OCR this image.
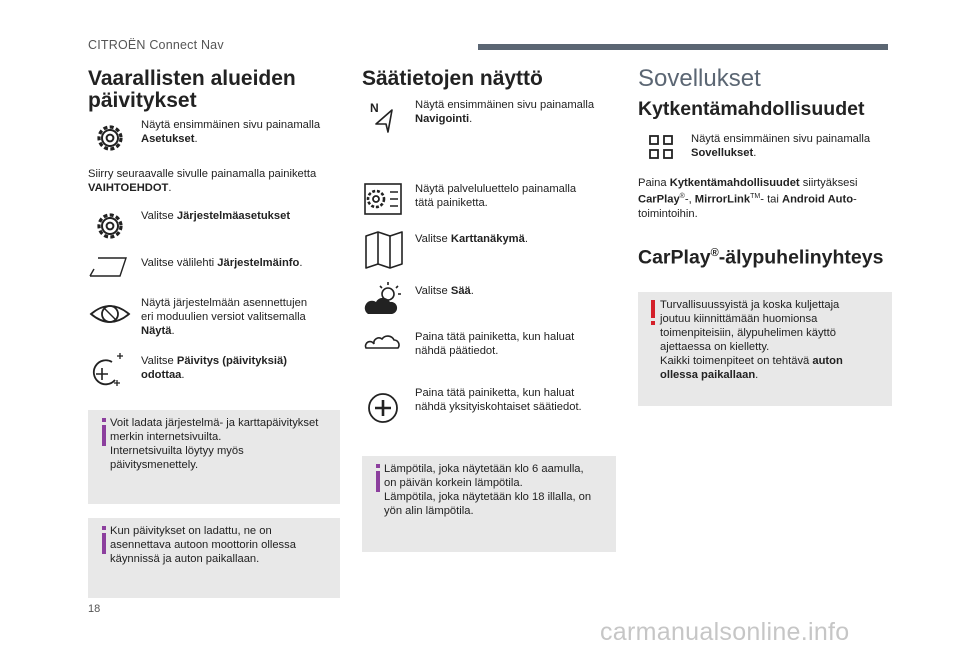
CITROËN Connect Nav
Vaarallisten alueiden
päivitykset
Näytä ensimmäinen sivu painamalla
Asetukset.
Siirry seuraavalle sivulle painamalla painiketta
VAIHTOEHDOT.
Valitse Järjestelmäasetukset
Valitse välilehti Järjestelmäinfo.
Näytä järjestelmään asennettujen
eri moduulien versiot valitsemalla
Näytä.
Valitse Päivitys (päivityksiä)
odottaa.
Voit ladata järjestelmä- ja karttapäivitykset
merkin internetsivuilta.
Internetsivuilta löytyy myös
päivitysmenettely.
Kun päivitykset on ladattu, ne on
asennettava autoon moottorin ollessa
käynnissä ja auton paikallaan.
Säätietojen näyttö
N	Näytä ensimmäinen sivu painamalla
Navigointi.
Näytä palveluluettelo painamalla
tätä painiketta.
Valitse Karttanäkymä.
Valitse Sää.
Paina tätä painiketta, kun haluat
nähdä päätiedot.
Paina tätä painiketta, kun haluat
nähdä yksityiskohtaiset säätiedot.
Lämpötila, joka näytetään klo 6 aamulla,
on päivän korkein lämpötila.
Lämpötila, joka näytetään klo 18 illalla, on
yön alin lämpötila.
Sovellukset
Kytkentämahdollisuudet
Näytä ensimmäinen sivu painamalla
Sovellukset.
Paina Kytkentämahdollisuudet siirtyäksesi
CarPlay®-, MirrorLink™- tai Android Auto-
toimintoihin.
CarPlay®-älypuhelinyhteys
Turvallisuussyistä ja koska kuljettaja
joutuu kiinnittämään huomionsa
toimenpiteisiin, älypuhelimen käyttö
ajettaessa on kielletty.
Kaikki toimenpiteet on tehtävä auton
ollessa paikallaan.
18
carmanualsonline.info
